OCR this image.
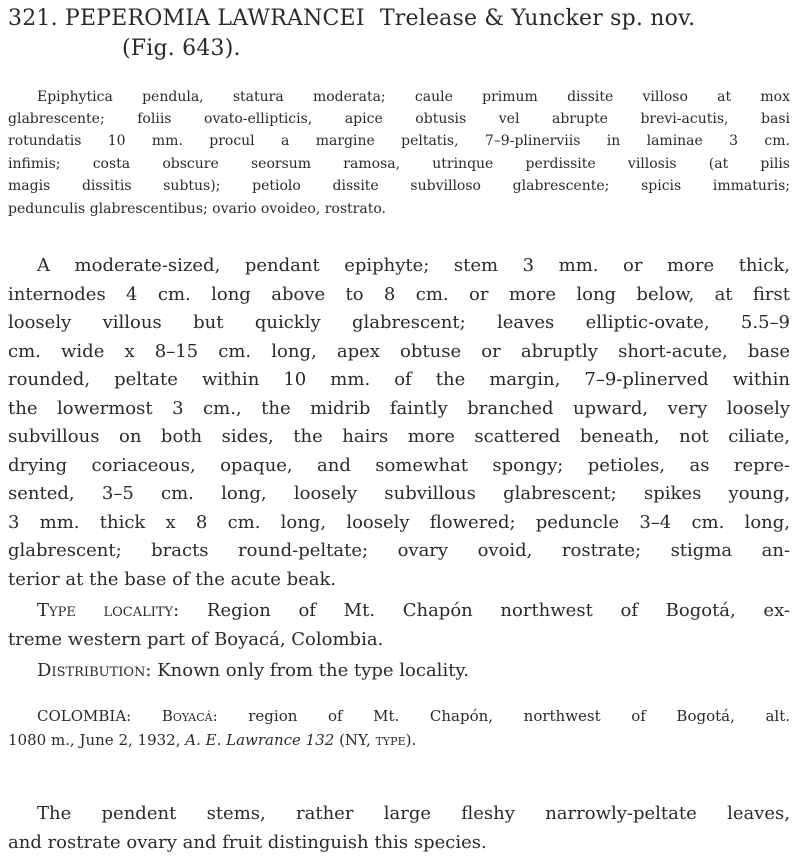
321. PEPEROMIA LAWRANCEI Trelease & Yuncker sp. nov.
(Fig. 643).
Epiphytica pendula, statura moderata; caule primum dissite villoso at mox
glabrescente; foliis ovato-ellipticis, apice obtusis vel abrupte brevi-acutis, basi
rotundatis 10 mm. procul a margine peltatis, 7–9-plinerviis in laminae 3 cm.
infimis; costa obscure seorsum ramosa, utrinque perdissite villosis (at pilis
magis dissitis subtus); petiolo dissite subvilloso glabrescente; spicis immaturis;
pedunculis glabrescentibus; ovario ovoideo, rostrato.
A moderate-sized, pendant epiphyte; stem 3 mm. or more thick,
internodes 4 cm. long above to 8 cm. or more long below, at first
loosely villous but quickly glabrescent; leaves elliptic-ovate, 5.5–9
cm. wide x 8–15 cm. long, apex obtuse or abruptly short-acute, base
rounded, peltate within 10 mm. of the margin, 7–9-plinerved within
the lowermost 3 cm., the midrib faintly branched upward, very loosely
subvillous on both sides, the hairs more scattered beneath, not ciliate,
drying coriaceous, opaque, and somewhat spongy; petioles, as repre-
sented, 3–5 cm. long, loosely subvillous glabrescent; spikes young,
3 mm. thick x 8 cm. long, loosely flowered; peduncle 3–4 cm. long,
glabrescent; bracts round-peltate; ovary ovoid, rostrate; stigma an-
terior at the base of the acute beak.
Type locality: Region of Mt. Chapón northwest of Bogotá, ex-
treme western part of Boyacá, Colombia.
Distribution: Known only from the type locality.
COLOMBIA: Boyacá: region of Mt. Chapón, northwest of Bogotá, alt.
1080 m., June 2, 1932, A. E. Lawrance 132 (NY, type).
The pendent stems, rather large fleshy narrowly-peltate leaves,
and rostrate ovary and fruit distinguish this species.
